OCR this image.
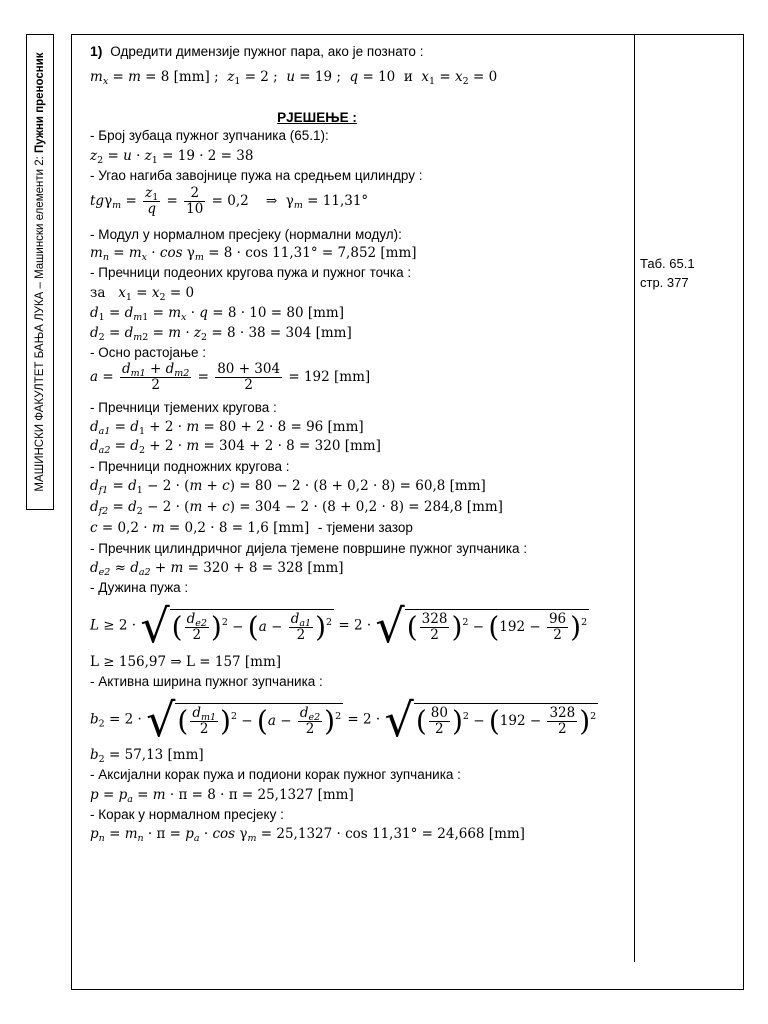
МАШИНСКИ ФАКУЛТЕТ БАЊА ЛУКА – Машински елементи 2: Пужни преносник
Таб. 65.1
стр. 377
1) Одредити димензије пужног пара, ако је познато :
$m_x = m = 8$ [mm] ;  $z_1 = 2$ ;  u = 19 ;  q = 10  и  $x_1 = x_2 = 0$
РЈЕШЕЊЕ :
- Број зубаца пужног зупчаника (65.1):
$z_2 = u \cdot z_1 = 19 \cdot 2 = 38$
- Угао нагиба завојнице пужа на средњем цилиндру :
$tg\gamma_m = \frac{z_1}{q} = \frac{2}{10} = 0,2$    ⇒  $\gamma_m = 11,31^\circ$
- Модул у нормалном пресјеку (нормални модул):
$m_n = m_x \cdot \cos \gamma_m = 8 \cdot \cos 11,31^\circ = 7,852$ [mm]
- Пречници подеоних кругова пужа и пужног точка :
за $x_1 = x_2 = 0$
$d_1 = d_{m1} = m_x \cdot q = 8 \cdot 10 = 80$ [mm]
$d_2 = d_{m2} = m \cdot z_2 = 8 \cdot 38 = 304$ [mm]
- Осно растојање :
$a = \frac{d_{m1} + d_{m2}}{2} = \frac{80 + 304}{2} = 192$ [mm]
- Пречници тјемених кругова :
$d_{a1} = d_1 + 2 \cdot m = 80 + 2 \cdot 8 = 96$ [mm]
$d_{a2} = d_2 + 2 \cdot m = 304 + 2 \cdot 8 = 320$ [mm]
- Пречници подножних кругова :
$d_{f1} = d_1 - 2 \cdot (m + c) = 80 - 2 \cdot (8 + 0,2 \cdot 8) = 60,8$ [mm]
$d_{f2} = d_2 - 2 \cdot (m + c) = 304 - 2 \cdot (8 + 0,2 \cdot 8) = 284,8$ [mm]
c = 0,2 · m = 0,2 · 8 = 1,6 [mm] - тјемени зазор
- Пречник цилиндричног дијела тјемене површине пужног зупчаника :
$d_{e2} \approx d_{a2} + m = 320 + 8 = 328$ [mm]
- Дужина пужа :
L ≥ 2 · √( $\frac{d_{e2}}{2} )^2 - (a - \frac{d_{a1}}{2} )^2 = 2$ · √( $\frac{328}{2} )^2 - (192 - \frac{96}{2} )^2$
L ≥ 156,97 ⇒ L = 157 [mm]
- Активна ширина пужног зупчаника :
$b_2 = 2$ · √( $\frac{d_{m1}}{2} )^2 - (a - \frac{d_{e2}}{2} )^2 = 2$ · √( $\frac{80}{2} )^2 - (192 - \frac{328}{2} )^2$
$b_2 = 57,13$ [mm]
- Аксијални корак пужа и подиони корак пужног зупчаника :
$p = p_a = m \cdot \pi = 8 \cdot \pi = 25,1327$ [mm]
- Корак у нормалном пресјеку :
$p_n = m_n \cdot \pi = p_a \cdot \cos \gamma_m = 25,1327 \cdot \cos 11,31^\circ = 24,668$ [mm]
